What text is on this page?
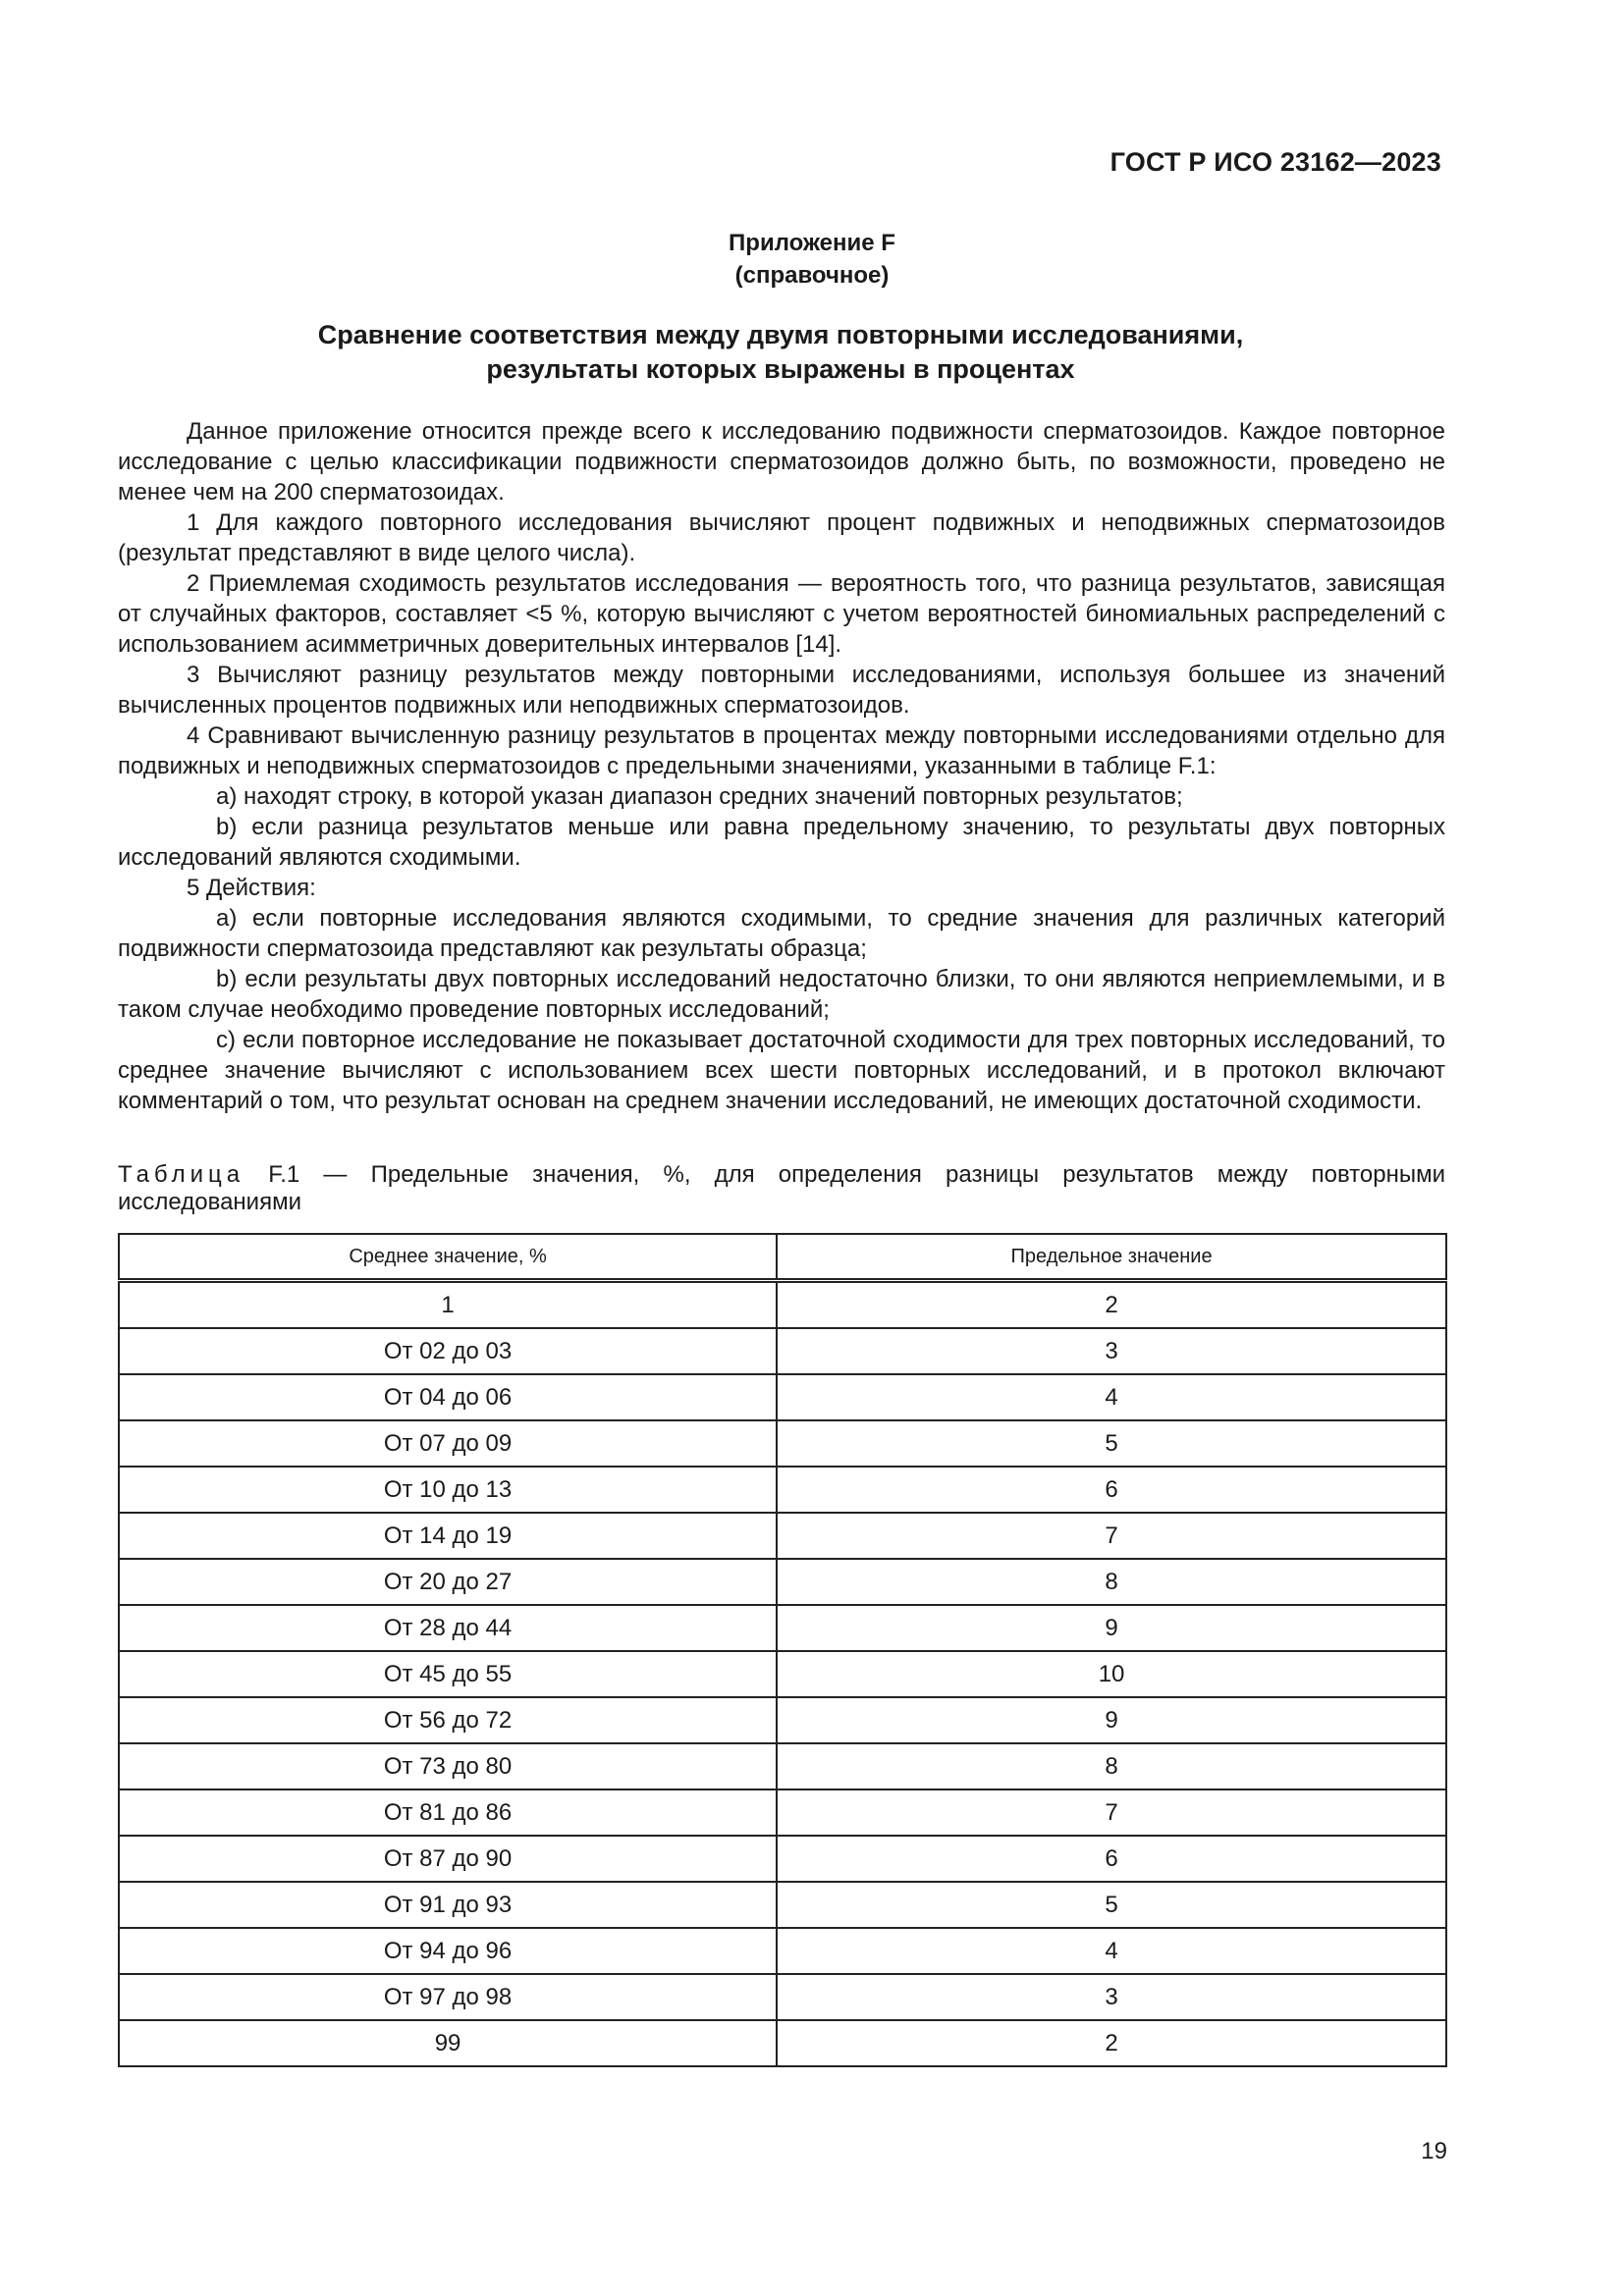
ГОСТ Р ИСО 23162—2023
Приложение F
(справочное)
Сравнение соответствия между двумя повторными исследованиями,
результаты которых выражены в процентах

Данное приложение относится прежде всего к исследованию подвижности сперматозоидов. Каждое повторное исследование с целью классификации подвижности сперматозоидов должно быть, по возможности, проведено не менее чем на 200 сперматозоидах.

1 Для каждого повторного исследования вычисляют процент подвижных и неподвижных сперматозоидов (результат представляют в виде целого числа).

2 Приемлемая сходимость результатов исследования — вероятность того, что разница результатов, зависящая от случайных факторов, составляет <5 %, которую вычисляют с учетом вероятностей биномиальных распределений с использованием асимметричных доверительных интервалов [14].

3 Вычисляют разницу результатов между повторными исследованиями, используя большее из значений вычисленных процентов подвижных или неподвижных сперматозоидов.

4 Сравнивают вычисленную разницу результатов в процентах между повторными исследованиями отдельно для подвижных и неподвижных сперматозоидов с предельными значениями, указанными в таблице F.1:

a) находят строку, в которой указан диапазон средних значений повторных результатов;

b) если разница результатов меньше или равна предельному значению, то результаты двух повторных исследований являются сходимыми.

5 Действия:

a) если повторные исследования являются сходимыми, то средние значения для различных категорий подвижности сперматозоида представляют как результаты образца;

b) если результаты двух повторных исследований недостаточно близки, то они являются неприемлемыми, и в таком случае необходимо проведение повторных исследований;

c) если повторное исследование не показывает достаточной сходимости для трех повторных исследований, то среднее значение вычисляют с использованием всех шести повторных исследований, и в протокол включают комментарий о том, что результат основан на среднем значении исследований, не имеющих достаточной сходимости.

Таблица F.1 — Предельные значения, %, для определения разницы результатов между повторными исследованиями
Среднее значение, %	Предельное значение
1	2
От 02 до 03	3
От 04 до 06	4
От 07 до 09	5
От 10 до 13	6
От 14 до 19	7
От 20 до 27	8
От 28 до 44	9
От 45 до 55	10
От 56 до 72	9
От 73 до 80	8
От 81 до 86	7
От 87 до 90	6
От 91 до 93	5
От 94 до 96	4
От 97 до 98	3
99	2
19
